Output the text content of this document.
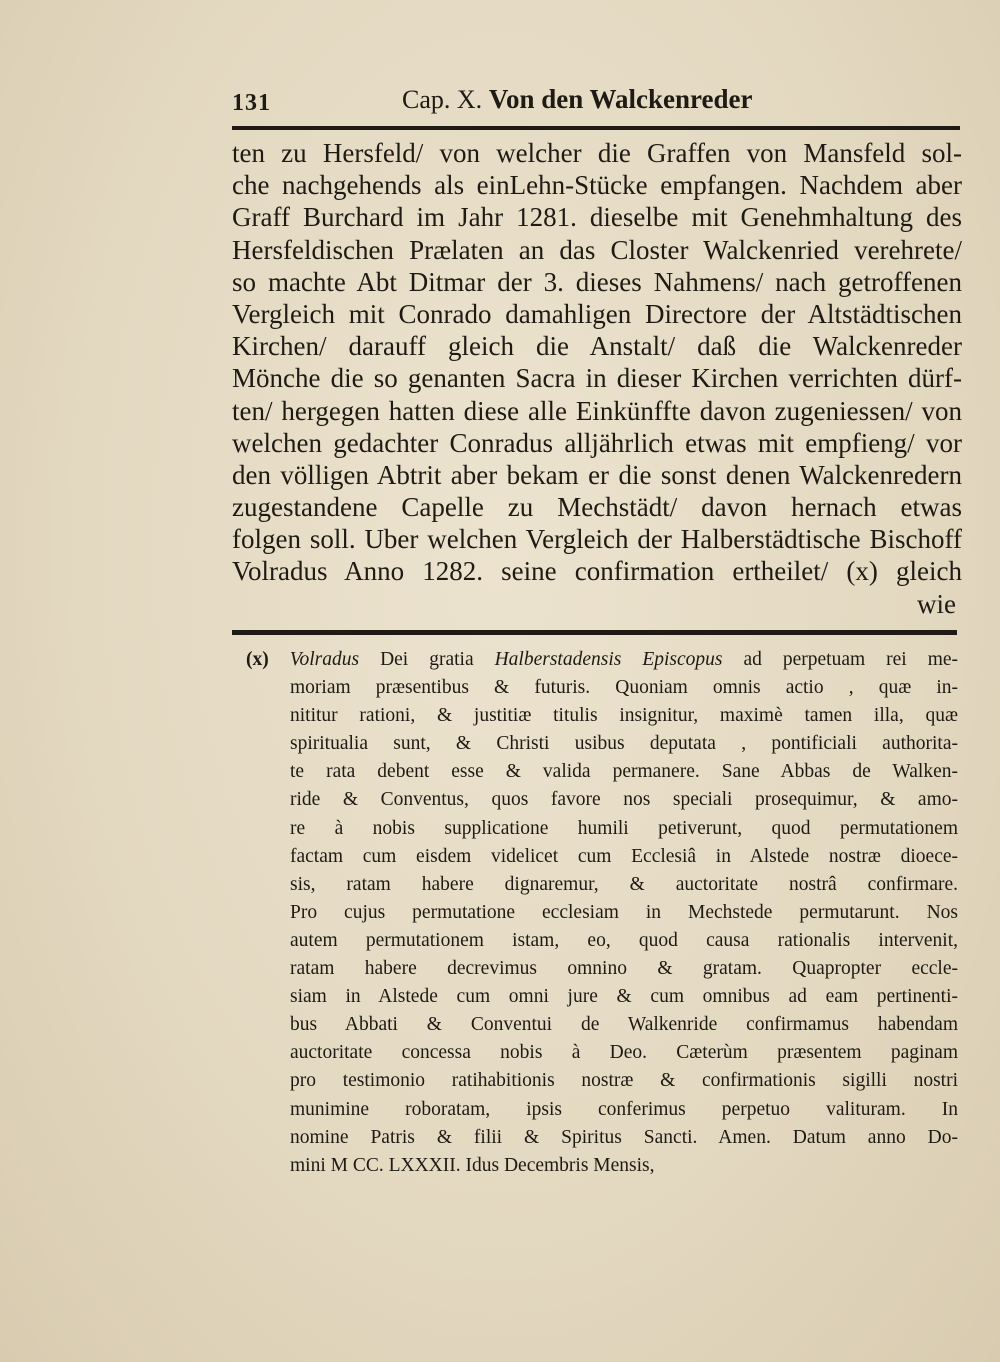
131	Cap. X. Von den Walckenreder
ten zu Hersfeld/ von welcher die Graffen von Mansfeld sol-
che nachgehends als einLehn-Stücke empfangen. Nachdem aber
Graff Burchard im Jahr 1281. dieselbe mit Genehmhaltung des
Hersfeldischen Prælaten an das Closter Walckenried verehrete/
so machte Abt Ditmar der 3. dieses Nahmens/ nach getroffenen
Vergleich mit Conrado damahligen Directore der Altstädtischen
Kirchen/ darauff gleich die Anstalt/ daß die Walckenreder
Mönche die so genanten Sacra in dieser Kirchen verrichten dürf-
ten/ hergegen hatten diese alle Einkünffte davon zugeniessen/ von
welchen gedachter Conradus alljährlich etwas mit empfieng/ vor
den völligen Abtrit aber bekam er die sonst denen Walckenredern
zugestandene Capelle zu Mechstädt/ davon hernach etwas
folgen soll. Uber welchen Vergleich der Halberstädtische Bischoff
Volradus Anno 1282. seine confirmation ertheilet/ (x) gleich
wie
(x) Volradus Dei gratia Halberstadensis Episcopus ad perpetuam rei me-
moriam præsentibus & futuris. Quoniam omnis actio , quæ in-
nititur rationi, & justitiæ titulis insignitur, maximè tamen illa, quæ
spiritualia sunt, & Christi usibus deputata , pontificiali authorita-
te rata debent esse & valida permanere. Sane Abbas de Walken-
ride & Conventus, quos favore nos speciali prosequimur, & amo-
re à nobis supplicatione humili petiverunt, quod permutationem
factam cum eisdem videlicet cum Ecclesiâ in Alstede nostræ dioece-
sis, ratam habere dignaremur, & auctoritate nostrâ confirmare.
Pro cujus permutatione ecclesiam in Mechstede permutarunt. Nos
autem permutationem istam, eo, quod causa rationalis intervenit,
ratam habere decrevimus omnino & gratam. Quapropter eccle-
siam in Alstede cum omni jure & cum omnibus ad eam pertinenti-
bus Abbati & Conventui de Walkenride confirmamus habendam
auctoritate concessa nobis à Deo. Cæterùm præsentem paginam
pro testimonio ratihabitionis nostræ & confirmationis sigilli nostri
munimine roboratam, ipsis conferimus perpetuo valituram. In
nomine Patris & filii & Spiritus Sancti. Amen. Datum anno Do-
mini M CC. LXXXII. Idus Decembris Mensis,
